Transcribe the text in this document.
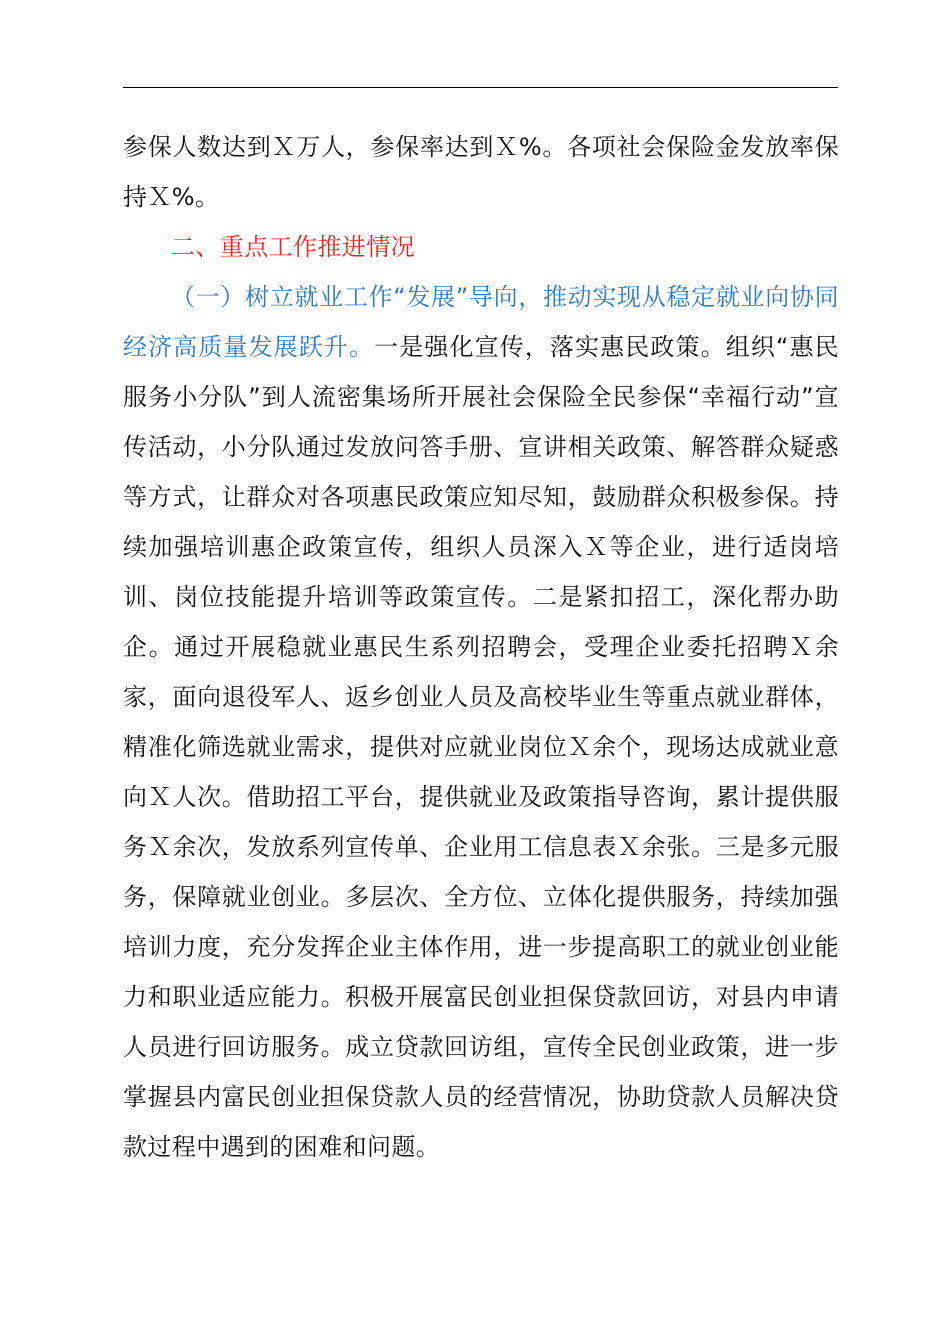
参保人数达到Ｘ万人，参保率达到Ｘ%。各项社会保险金发放率保持Ｘ%。

二、重点工作推进情况

（一）树立就业工作“发展”导向，推动实现从稳定就业向协同经济高质量发展跃升。一是强化宣传，落实惠民政策。组织“惠民服务小分队”到人流密集场所开展社会保险全民参保“幸福行动”宣传活动，小分队通过发放问答手册、宣讲相关政策、解答群众疑惑等方式，让群众对各项惠民政策应知尽知，鼓励群众积极参保。持续加强培训惠企政策宣传，组织人员深入Ｘ等企业，进行适岗培训、岗位技能提升培训等政策宣传。二是紧扣招工，深化帮办助企。通过开展稳就业惠民生系列招聘会，受理企业委托招聘Ｘ余家，面向退役军人、返乡创业人员及高校毕业生等重点就业群体，精准化筛选就业需求，提供对应就业岗位Ｘ余个，现场达成就业意向Ｘ人次。借助招工平台，提供就业及政策指导咨询，累计提供服务Ｘ余次，发放系列宣传单、企业用工信息表Ｘ余张。三是多元服务，保障就业创业。多层次、全方位、立体化提供服务，持续加强培训力度，充分发挥企业主体作用，进一步提高职工的就业创业能力和职业适应能力。积极开展富民创业担保贷款回访，对县内申请人员进行回访服务。成立贷款回访组，宣传全民创业政策，进一步掌握县内富民创业担保贷款人员的经营情况，协助贷款人员解决贷款过程中遇到的困难和问题。
